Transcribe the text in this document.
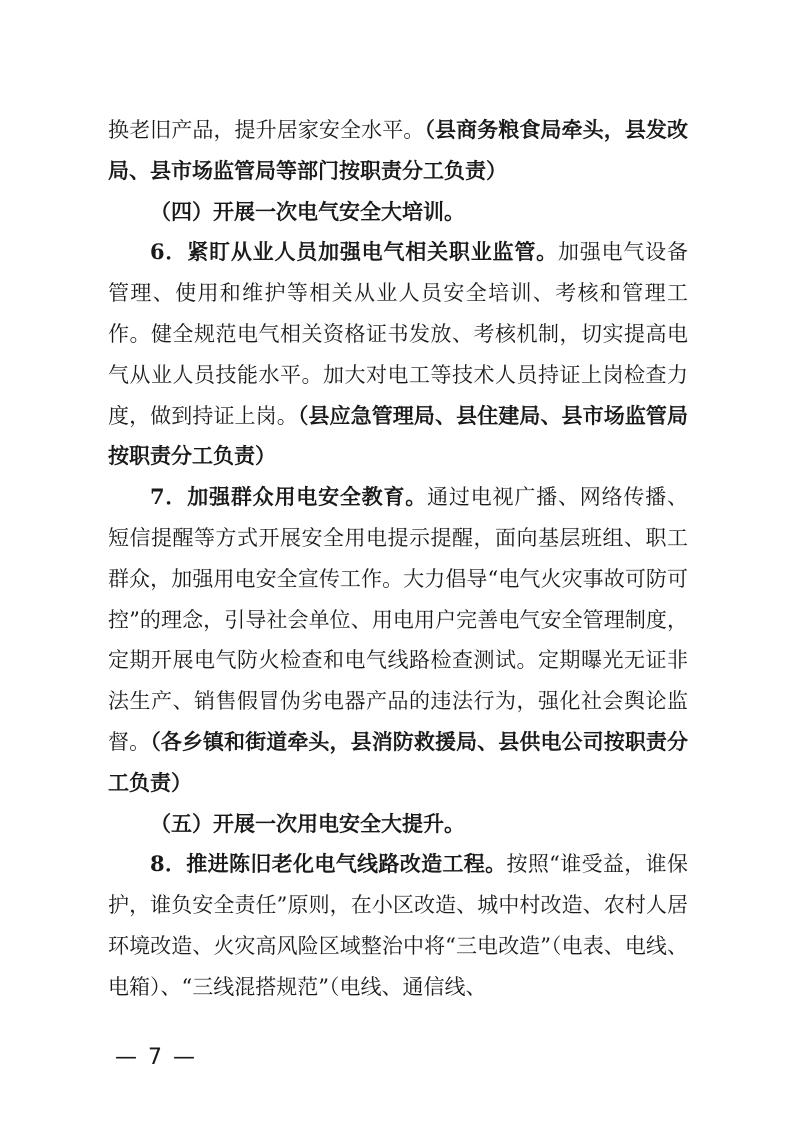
换老旧产品，提升居家安全水平。（县商务粮食局牵头，县发改局、县市场监管局等部门按职责分工负责）

（四）开展一次电气安全大培训。

6．紧盯从业人员加强电气相关职业监管。加强电气设备管理、使用和维护等相关从业人员安全培训、考核和管理工作。健全规范电气相关资格证书发放、考核机制，切实提高电气从业人员技能水平。加大对电工等技术人员持证上岗检查力度，做到持证上岗。（县应急管理局、县住建局、县市场监管局按职责分工负责）

7．加强群众用电安全教育。通过电视广播、网络传播、短信提醒等方式开展安全用电提示提醒，面向基层班组、职工群众，加强用电安全宣传工作。大力倡导“电气火灾事故可防可控”的理念，引导社会单位、用电用户完善电气安全管理制度，定期开展电气防火检查和电气线路检查测试。定期曝光无证非法生产、销售假冒伪劣电器产品的违法行为，强化社会舆论监督。（各乡镇和街道牵头，县消防救援局、县供电公司按职责分工负责）

（五）开展一次用电安全大提升。

8．推进陈旧老化电气线路改造工程。按照“谁受益，谁保护，谁负安全责任”原则，在小区改造、城中村改造、农村人居环境改造、火灾高风险区域整治中将“三电改造”（电表、电线、电箱）、“三线混搭规范”（电线、通信线、

— 7 —
